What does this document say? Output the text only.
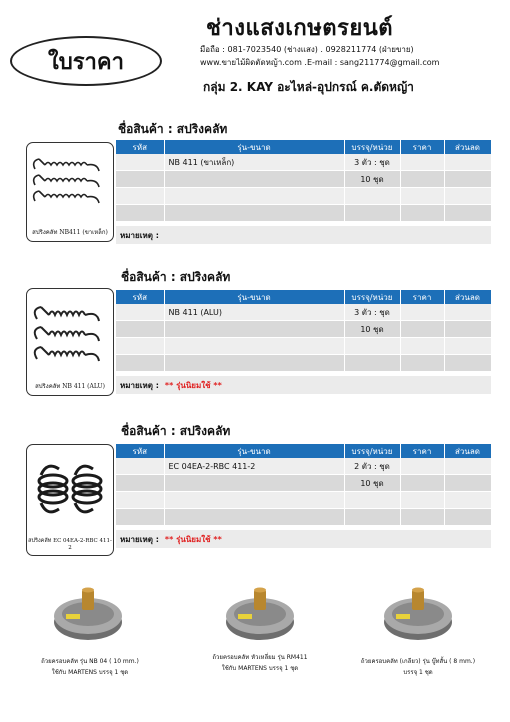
ใบราคา
ช่างแสงเกษตรยนต์
มือถือ : 081-7023540 (ช่างแสง) . 0928211774 (ฝ่ายขาย)
www.ขายไม้ผิดตัดหญ้า.com .E-mail : sang211774@gmail.com
กลุ่ม 2. KAY อะไหล่-อุปกรณ์ ค.ตัดหญ้า
ชื่อสินค้า : สปริงคลัท
สปริงคลัท NB411 (ขาเหล็ก)
รหัส	รุ่น-ขนาด	บรรจุ/หน่วย	ราคา	ส่วนลด
	NB 411 (ขาเหล็ก)	3 ตัว : ชุด		
		10 ชุด		

หมายเหตุ :
ชื่อสินค้า : สปริงคลัท
สปริงคลัท NB 411 (ALU)
รหัส	รุ่น-ขนาด	บรรจุ/หน่วย	ราคา	ส่วนลด
	NB 411 (ALU)	3 ตัว : ชุด		
		10 ชุด		

หมายเหตุ : ** รุ่นนิยมใช้ **
ชื่อสินค้า : สปริงคลัท
สปริงคลัท EC 04EA-2-RBC 411-2
รหัส	รุ่น-ขนาด	บรรจุ/หน่วย	ราคา	ส่วนลด
	EC 04EA-2-RBC 411-2	2 ตัว : ชุด		
		10 ชุด		

หมายเหตุ : ** รุ่นนิยมใช้ **
ถ้วยครอบคลัท รุ่น NB 04 ( 10 mm.)
ใช้กับ MARTENS บรรจุ 1 ชุด
ถ้วยครอบคลัท หัวเหลี่ยม รุ่น RM411
ใช้กับ MARTENS บรรจุ 1 ชุด
ถ้วยครอบคลัท (เกลียว) รุ่น บู๊ทสั้น ( 8 mm.)
บรรจุ 1 ชุด
